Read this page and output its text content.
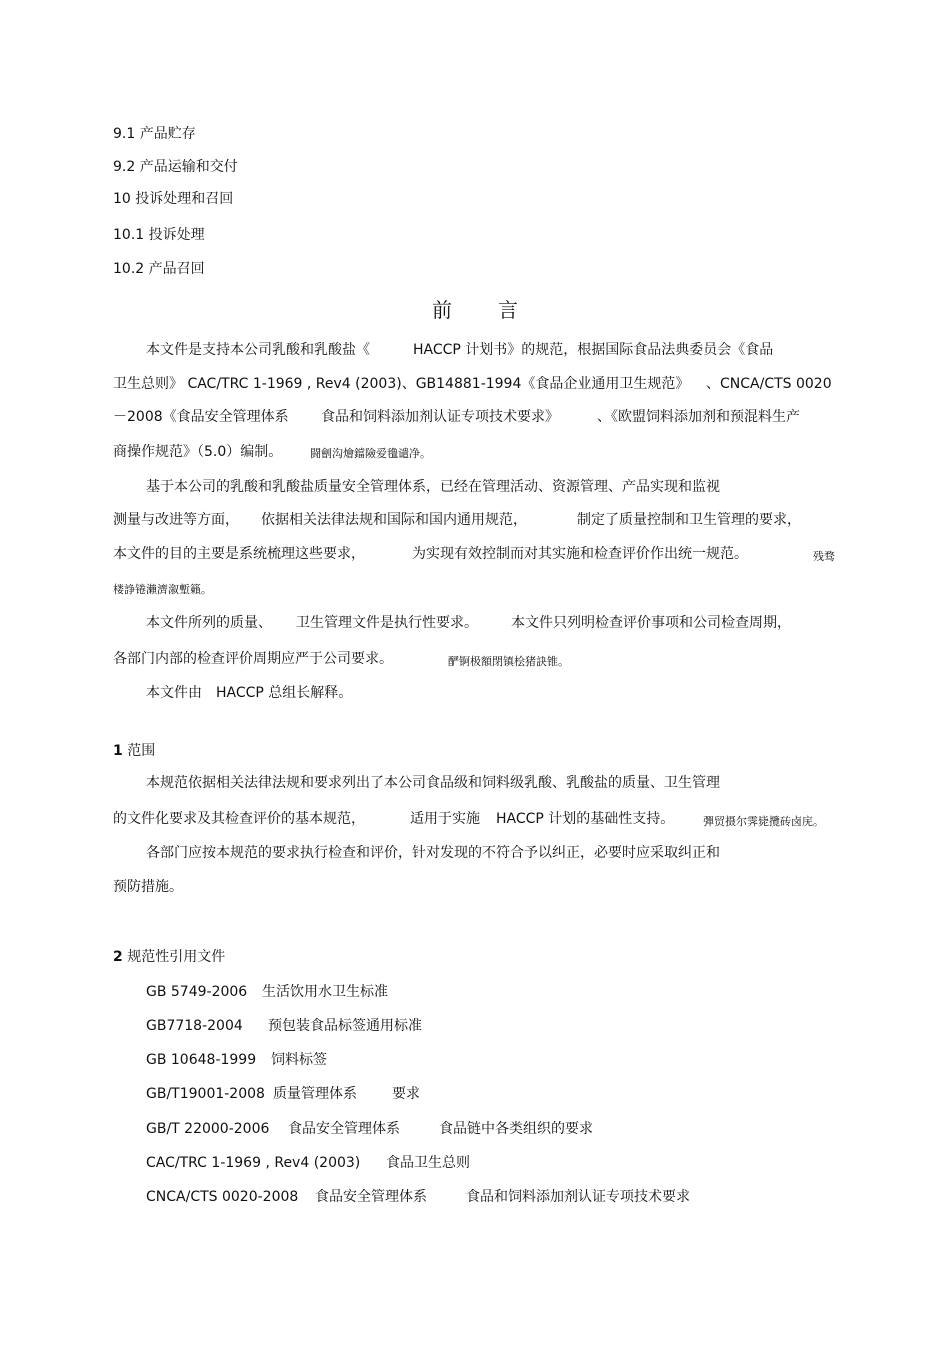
9.1 产品贮存
9.2 产品运输和交付
10 投诉处理和召回
10.1 投诉处理
10.2 产品召回
前 言
本文件是支持本公司乳酸和乳酸盐《	HACCP 计划书》的规范，根据国际食品法典委员会《食品
卫生总则》 CAC/TRC 1-1969 , Rev4 (2003)、GB14881-1994《食品企业通用卫生规范》 、CNCA/CTS 0020
－2008《食品安全管理体系 食品和饲料添加剂认证专项技术要求》	、《欧盟饲料添加剂和预混料生产
商操作规范》（5.0）编制。	闘劊沟燴鐺險爱氇谴净。
基于本公司的乳酸和乳酸盐质量安全管理体系，已经在管理活动、资源管理、产品实现和监视
测量与改进等方面， 依据相关法律法规和国际和国内通用规范，	制定了质量控制和卫生管理的要求，
本文件的目的主要是系统梳理这些要求，	为实现有效控制而对其实施和检查评价作出统一规范。	残骛
楼諍锩瀨濟溆塹籟。
本文件所列的质量、 卫生管理文件是执行性要求。 本文件只列明检查评价事项和公司检查周期，
各部门内部的检查评价周期应严于公司要求。	酽锕极額閉镇桧猪訣锥。
本文件由 HACCP 总组长解释。
1 范围
本规范依据相关法律法规和要求列出了本公司食品级和饲料级乳酸、乳酸盐的质量、卫生管理
的文件化要求及其检查评价的基本规范，	适用于实施 HACCP 计划的基础性支持。	彈贸摄尔霁毙攬砖卤庑。
各部门应按本规范的要求执行检查和评价，针对发现的不符合予以纠正，必要时应采取纠正和
预防措施。
2 规范性引用文件
GB 5749-2006 生活饮用水卫生标准
GB7718-2004 预包装食品标签通用标准
GB 10648-1999 饲料标签
GB/T19001-2008 质量管理体系	要求
GB/T 22000-2006 食品安全管理体系	食品链中各类组织的要求
CAC/TRC 1-1969 , Rev4 (2003) 食品卫生总则
CNCA/CTS 0020-2008 食品安全管理体系	食品和饲料添加剂认证专项技术要求
